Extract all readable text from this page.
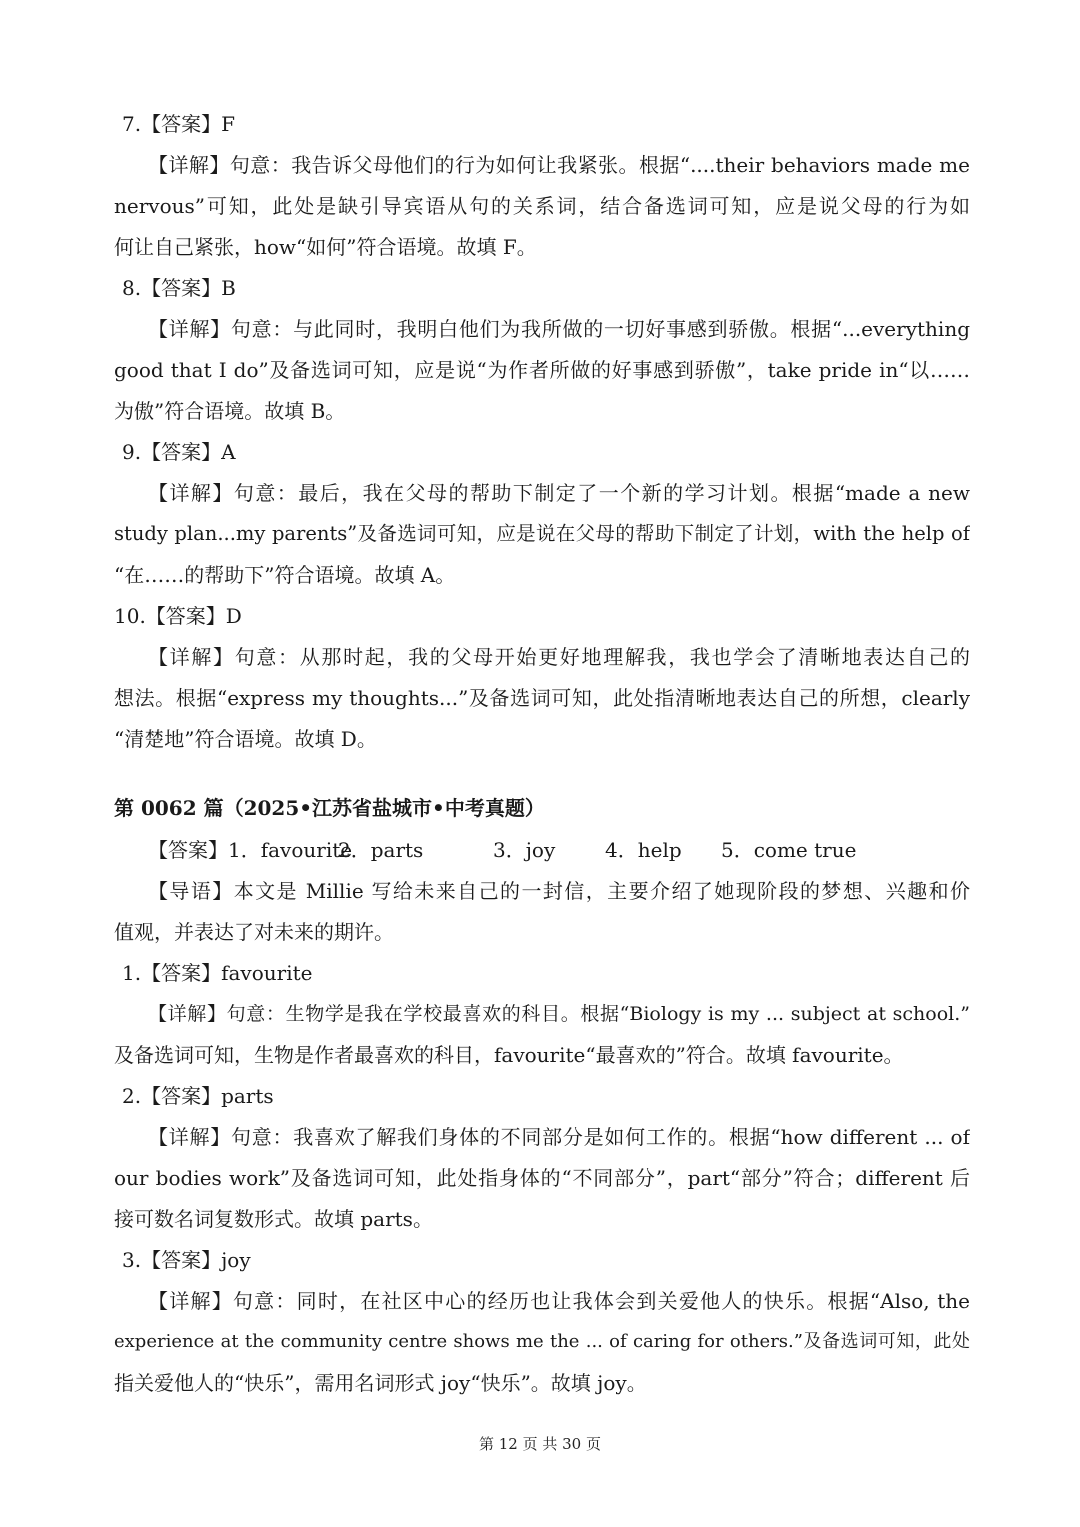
7.【答案】F
【详解】句意：我告诉父母他们的行为如何让我紧张。根据“....their behaviors made me
nervous”可知，此处是缺引导宾语从句的关系词，结合备选词可知，应是说父母的行为如
何让自己紧张，how“如何”符合语境。故填 F。
8.【答案】B
【详解】句意：与此同时，我明白他们为我所做的一切好事感到骄傲。根据“...everything
good that I do”及备选词可知，应是说“为作者所做的好事感到骄傲”，take pride in“以……
为傲”符合语境。故填 B。
9.【答案】A
【详解】句意：最后，我在父母的帮助下制定了一个新的学习计划。根据“made a new
study plan...my parents”及备选词可知，应是说在父母的帮助下制定了计划，with the help of
“在……的帮助下”符合语境。故填 A。
10.【答案】D
【详解】句意：从那时起，我的父母开始更好地理解我，我也学会了清晰地表达自己的
想法。根据“express my thoughts...”及备选词可知，此处指清晰地表达自己的所想，clearly
“清楚地”符合语境。故填 D。
第 0062 篇（2025•江苏省盐城市•中考真题）
【答案】1．favourite2．parts	3．joy 4．help 5．come true
【导语】本文是 Millie 写给未来自己的一封信，主要介绍了她现阶段的梦想、兴趣和价
值观，并表达了对未来的期许。
1.【答案】favourite
【详解】句意：生物学是我在学校最喜欢的科目。根据“Biology is my ... subject at school.”
及备选词可知，生物是作者最喜欢的科目，favourite“最喜欢的”符合。故填 favourite。
2.【答案】parts
【详解】句意：我喜欢了解我们身体的不同部分是如何工作的。根据“how different ... of
our bodies work”及备选词可知，此处指身体的“不同部分”，part“部分”符合；different 后
接可数名词复数形式。故填 parts。
3.【答案】joy
【详解】句意：同时，在社区中心的经历也让我体会到关爱他人的快乐。根据“Also, the
experience at the community centre shows me the ... of caring for others.”及备选词可知，此处
指关爱他人的“快乐”，需用名词形式 joy“快乐”。故填 joy。
第 12 页 共 30 页
